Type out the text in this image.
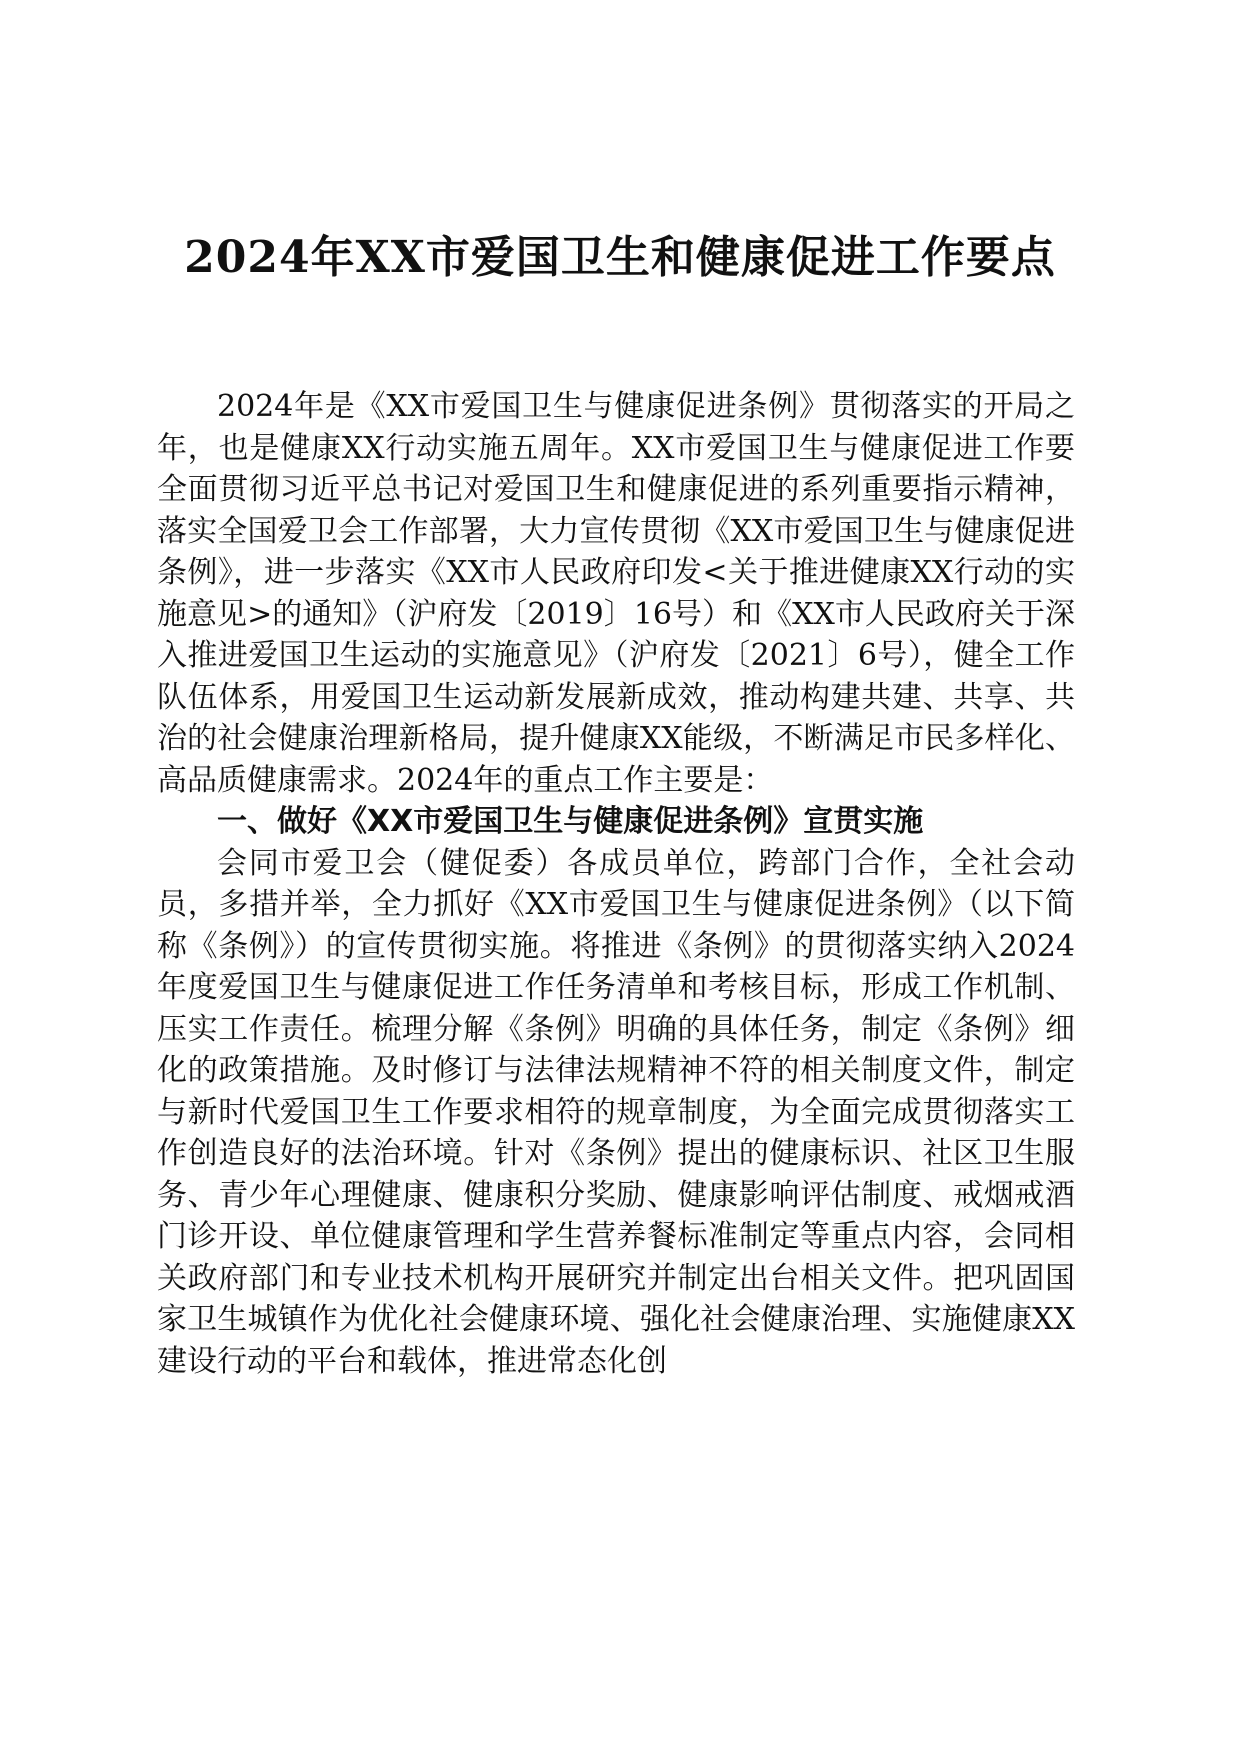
2024年XX市爱国卫生和健康促进工作要点

2024年是《XX市爱国卫生与健康促进条例》贯彻落实的开局之年，也是健康XX行动实施五周年。XX市爱国卫生与健康促进工作要全面贯彻习近平总书记对爱国卫生和健康促进的系列重要指示精神，落实全国爱卫会工作部署，大力宣传贯彻《XX市爱国卫生与健康促进条例》，进一步落实《XX市人民政府印发<关于推进健康XX行动的实施意见>的通知》（沪府发〔2019〕16号）和《XX市人民政府关于深入推进爱国卫生运动的实施意见》（沪府发〔2021〕6号），健全工作队伍体系，用爱国卫生运动新发展新成效，推动构建共建、共享、共治的社会健康治理新格局，提升健康XX能级，不断满足市民多样化、高品质健康需求。2024年的重点工作主要是：

一、做好《XX市爱国卫生与健康促进条例》宣贯实施

会同市爱卫会（健促委）各成员单位，跨部门合作，全社会动员，多措并举，全力抓好《XX市爱国卫生与健康促进条例》（以下简称《条例》）的宣传贯彻实施。将推进《条例》的贯彻落实纳入2024年度爱国卫生与健康促进工作任务清单和考核目标，形成工作机制、压实工作责任。梳理分解《条例》明确的具体任务，制定《条例》细化的政策措施。及时修订与法律法规精神不符的相关制度文件，制定与新时代爱国卫生工作要求相符的规章制度，为全面完成贯彻落实工作创造良好的法治环境。针对《条例》提出的健康标识、社区卫生服务、青少年心理健康、健康积分奖励、健康影响评估制度、戒烟戒酒门诊开设、单位健康管理和学生营养餐标准制定等重点内容，会同相关政府部门和专业技术机构开展研究并制定出台相关文件。把巩固国家卫生城镇作为优化社会健康环境、强化社会健康治理、实施健康XX建设行动的平台和载体，推进常态化创
